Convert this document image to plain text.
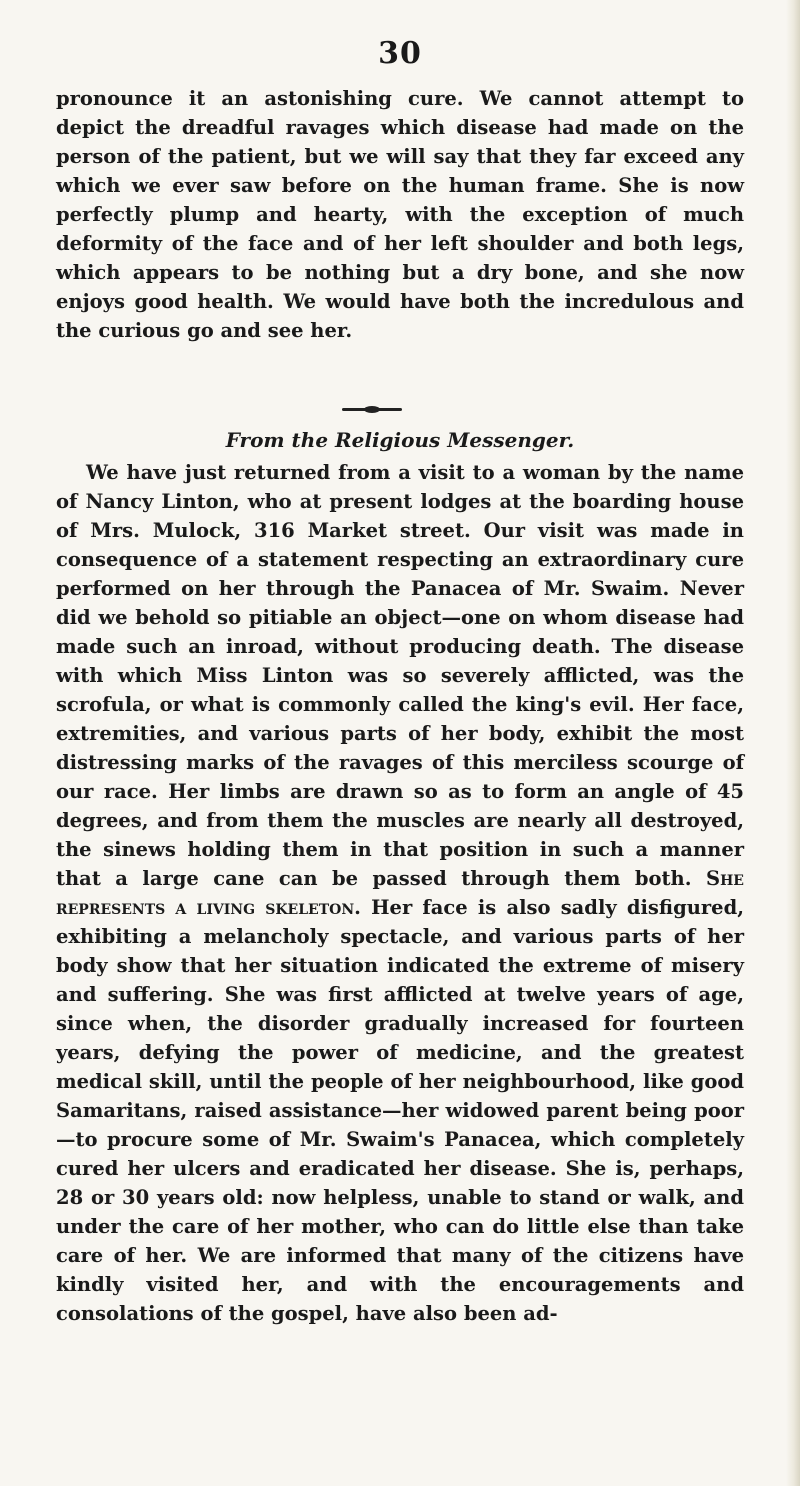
30

pronounce it an astonishing cure. We cannot attempt to depict the dreadful ravages which disease had made on the person of the patient, but we will say that they far exceed any which we ever saw before on the human frame. She is now perfectly plump and hearty, with the exception of much deformity of the face and of her left shoulder and both legs, which appears to be nothing but a dry bone, and she now enjoys good health. We would have both the incredulous and the curious go and see her.

From the Religious Messenger.

We have just returned from a visit to a woman by the name of Nancy Linton, who at present lodges at the boarding house of Mrs. Mulock, 316 Market street. Our visit was made in consequence of a statement respecting an extraordinary cure performed on her through the Panacea of Mr. Swaim. Never did we behold so pitiable an object—one on whom disease had made such an inroad, without producing death. The disease with which Miss Linton was so severely afflicted, was the scrofula, or what is commonly called the king's evil. Her face, extremities, and various parts of her body, exhibit the most distressing marks of the ravages of this merciless scourge of our race. Her limbs are drawn so as to form an angle of 45 degrees, and from them the muscles are nearly all destroyed, the sinews holding them in that position in such a manner that a large cane can be passed through them both. She represents a living skeleton. Her face is also sadly disfigured, exhibiting a melancholy spectacle, and various parts of her body show that her situation indicated the extreme of misery and suffering. She was first afflicted at twelve years of age, since when, the disorder gradually increased for fourteen years, defying the power of medicine, and the greatest medical skill, until the people of her neighbourhood, like good Samaritans, raised assistance—her widowed parent being poor—to procure some of Mr. Swaim's Panacea, which completely cured her ulcers and eradicated her disease. She is, perhaps, 28 or 30 years old: now helpless, unable to stand or walk, and under the care of her mother, who can do little else than take care of her. We are informed that many of the citizens have kindly visited her, and with the encouragements and consolations of the gospel, have also been ad-
